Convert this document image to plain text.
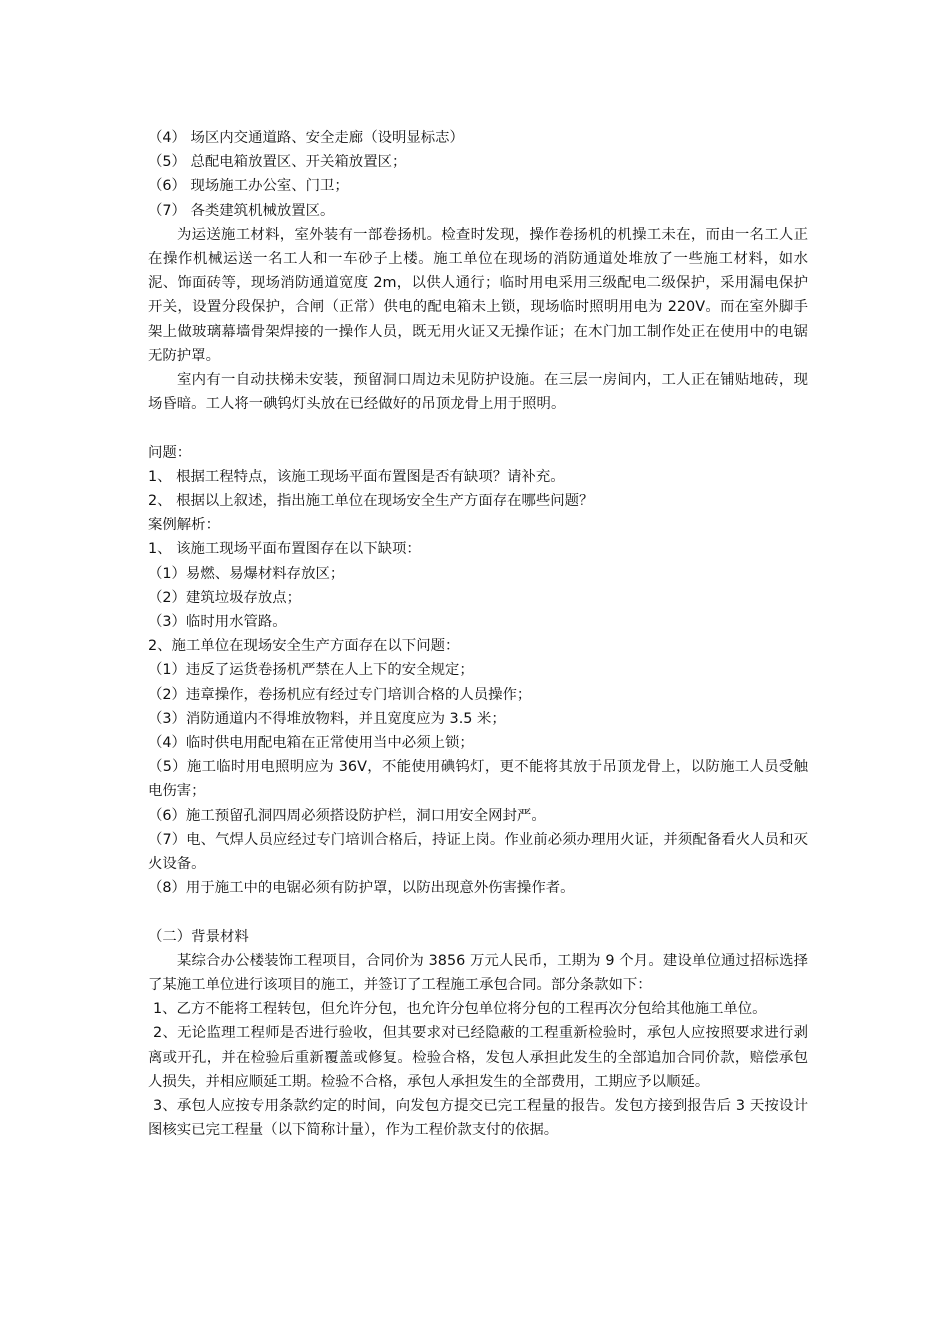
（4） 场区内交通道路、安全走廊（设明显标志）

（5） 总配电箱放置区、开关箱放置区；

（6） 现场施工办公室、门卫；

（7） 各类建筑机械放置区。

为运送施工材料，室外装有一部卷扬机。检查时发现，操作卷扬机的机操工未在，而由一名工人正在操作机械运送一名工人和一车砂子上楼。施工单位在现场的消防通道处堆放了一些施工材料，如水泥、饰面砖等，现场消防通道宽度 2m，以供人通行；临时用电采用三级配电二级保护，采用漏电保护开关，设置分段保护，合闸（正常）供电的配电箱未上锁，现场临时照明用电为 220V。而在室外脚手架上做玻璃幕墙骨架焊接的一操作人员，既无用火证又无操作证；在木门加工制作处正在使用中的电锯无防护罩。

室内有一自动扶梯未安装，预留洞口周边未见防护设施。在三层一房间内，工人正在铺贴地砖，现场昏暗。工人将一碘钨灯头放在已经做好的吊顶龙骨上用于照明。

问题：

1、 根据工程特点，该施工现场平面布置图是否有缺项？请补充。

2、 根据以上叙述，指出施工单位在现场安全生产方面存在哪些问题？

案例解析：

1、 该施工现场平面布置图存在以下缺项：

（1）易燃、易爆材料存放区；

（2）建筑垃圾存放点；

（3）临时用水管路。

2、施工单位在现场安全生产方面存在以下问题：

（1）违反了运货卷扬机严禁在人上下的安全规定；

（2）违章操作，卷扬机应有经过专门培训合格的人员操作；

（3）消防通道内不得堆放物料，并且宽度应为 3.5 米；

（4）临时供电用配电箱在正常使用当中必须上锁；

（5）施工临时用电照明应为 36V，不能使用碘钨灯，更不能将其放于吊顶龙骨上，以防施工人员受触电伤害；

（6）施工预留孔洞四周必须搭设防护栏，洞口用安全网封严。

（7）电、气焊人员应经过专门培训合格后，持证上岗。作业前必须办理用火证，并须配备看火人员和灭火设备。

（8）用于施工中的电锯必须有防护罩，以防出现意外伤害操作者。

（二）背景材料

某综合办公楼装饰工程项目，合同价为 3856 万元人民币，工期为 9 个月。建设单位通过招标选择了某施工单位进行该项目的施工，并签订了工程施工承包合同。部分条款如下：

1、乙方不能将工程转包，但允许分包，也允许分包单位将分包的工程再次分包给其他施工单位。

2、无论监理工程师是否进行验收，但其要求对已经隐蔽的工程重新检验时，承包人应按照要求进行剥离或开孔，并在检验后重新覆盖或修复。检验合格，发包人承担此发生的全部追加合同价款，赔偿承包人损失，并相应顺延工期。检验不合格，承包人承担发生的全部费用，工期应予以顺延。

3、承包人应按专用条款约定的时间，向发包方提交已完工程量的报告。发包方接到报告后 3 天按设计图核实已完工程量（以下简称计量），作为工程价款支付的依据。
